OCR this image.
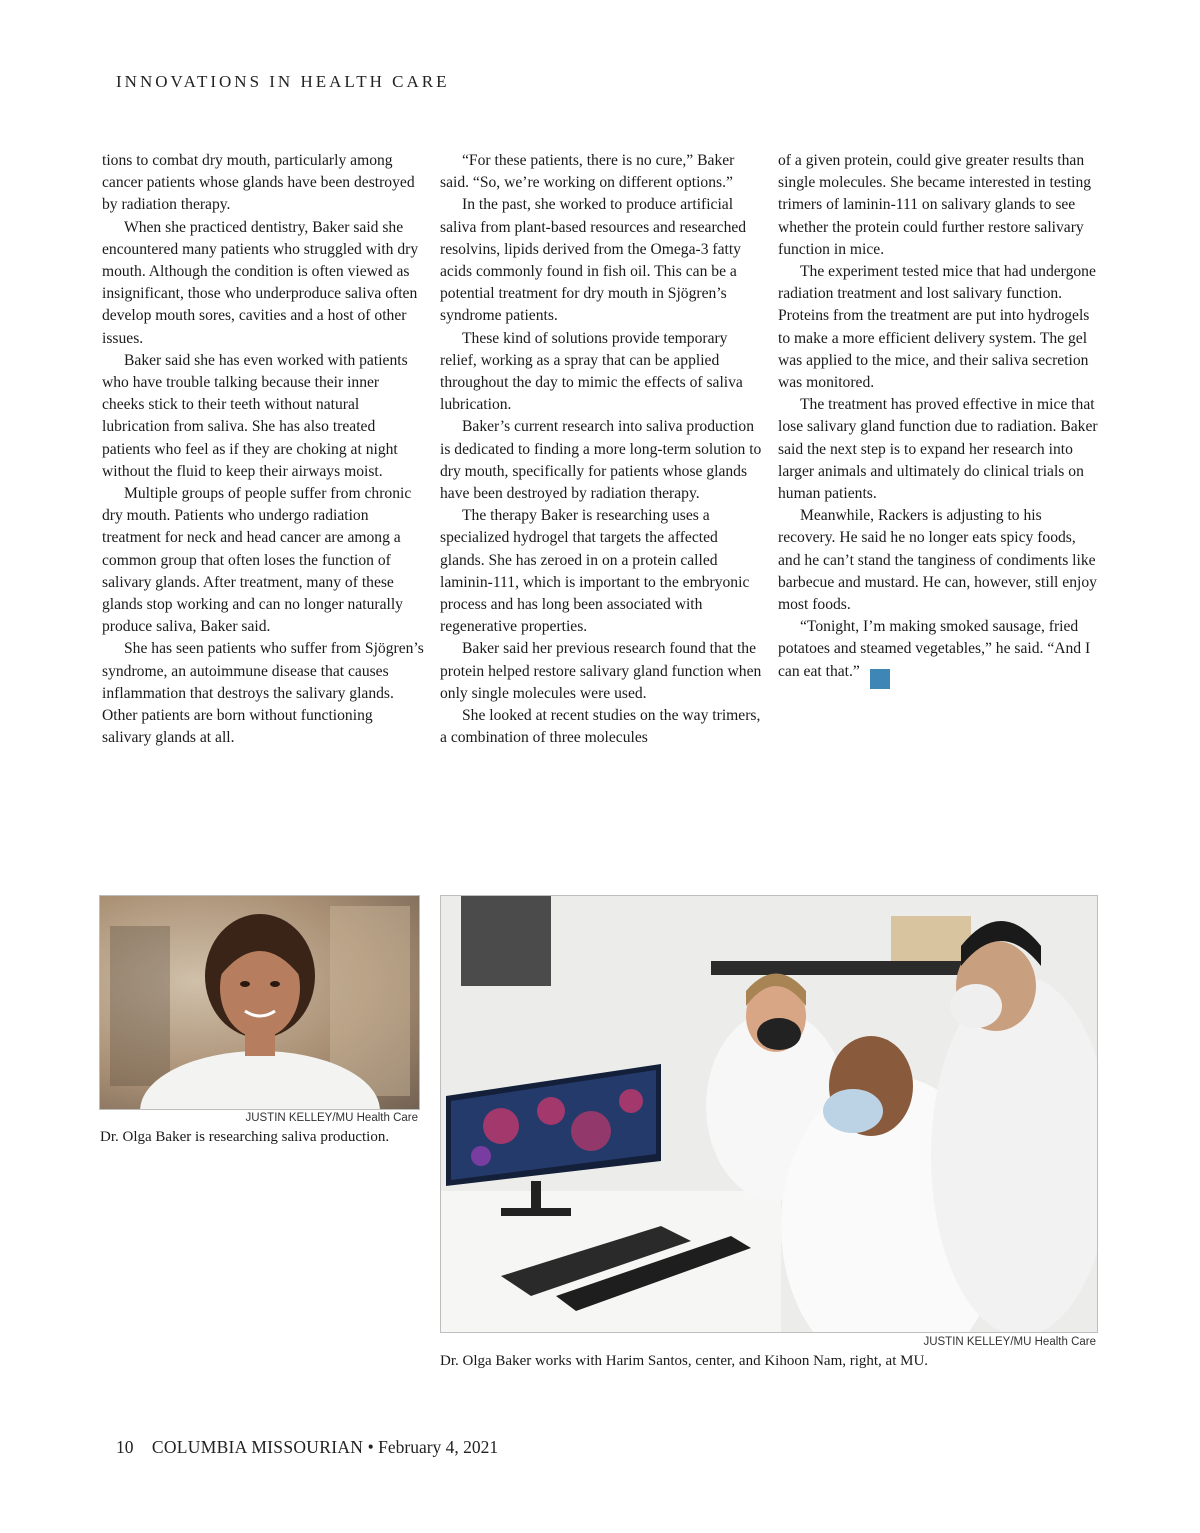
INNOVATIONS IN HEALTH CARE

tions to combat dry mouth, particularly among cancer patients whose glands have been destroyed by radiation therapy.

When she practiced dentistry, Baker said she encountered many patients who struggled with dry mouth. Although the condition is often viewed as insignificant, those who underproduce saliva often develop mouth sores, cavities and a host of other issues.

Baker said she has even worked with patients who have trouble talking because their inner cheeks stick to their teeth without natural lubrication from saliva. She has also treated patients who feel as if they are choking at night without the fluid to keep their airways moist.

Multiple groups of people suffer from chronic dry mouth. Patients who undergo radiation treatment for neck and head cancer are among a common group that often loses the function of salivary glands. After treatment, many of these glands stop working and can no longer naturally produce saliva, Baker said.

She has seen patients who suffer from Sjögren’s syndrome, an autoimmune disease that causes inflammation that destroys the salivary glands. Other patients are born without functioning salivary glands at all.

“For these patients, there is no cure,” Baker said. “So, we’re working on different options.”

In the past, she worked to produce artificial saliva from plant-based resources and researched resolvins, lipids derived from the Omega-3 fatty acids commonly found in fish oil. This can be a potential treatment for dry mouth in Sjögren’s syndrome patients.

These kind of solutions provide temporary relief, working as a spray that can be applied throughout the day to mimic the effects of saliva lubrication.

Baker’s current research into saliva production is dedicated to finding a more long-term solution to dry mouth, specifically for patients whose glands have been destroyed by radiation therapy.

The therapy Baker is researching uses a specialized hydrogel that targets the affected glands. She has zeroed in on a protein called laminin-111, which is important to the embryonic process and has long been associated with regenerative properties.

Baker said her previous research found that the protein helped restore salivary gland function when only single molecules were used.

She looked at recent studies on the way trimers, a combination of three molecules

of a given protein, could give greater results than single molecules. She became interested in testing trimers of laminin-111 on salivary glands to see whether the protein could further restore salivary function in mice.

The experiment tested mice that had undergone radiation treatment and lost salivary function. Proteins from the treatment are put into hydrogels to make a more efficient delivery system. The gel was applied to the mice, and their saliva secretion was monitored.

The treatment has proved effective in mice that lose salivary gland function due to radiation. Baker said the next step is to expand her research into larger animals and ultimately do clinical trials on human patients.

Meanwhile, Rackers is adjusting to his recovery. He said he no longer eats spicy foods, and he can’t stand the tanginess of condiments like barbecue and mustard. He can, however, still enjoy most foods.

“Tonight, I’m making smoked sausage, fried potatoes and steamed vegetables,” he said. “And I can eat that.”

JUSTIN KELLEY/MU Health Care
Dr. Olga Baker is researching saliva production.
JUSTIN KELLEY/MU Health Care
Dr. Olga Baker works with Harim Santos, center, and Kihoon Nam, right, at MU.
10 COLUMBIA MISSOURIAN • February 4, 2021
